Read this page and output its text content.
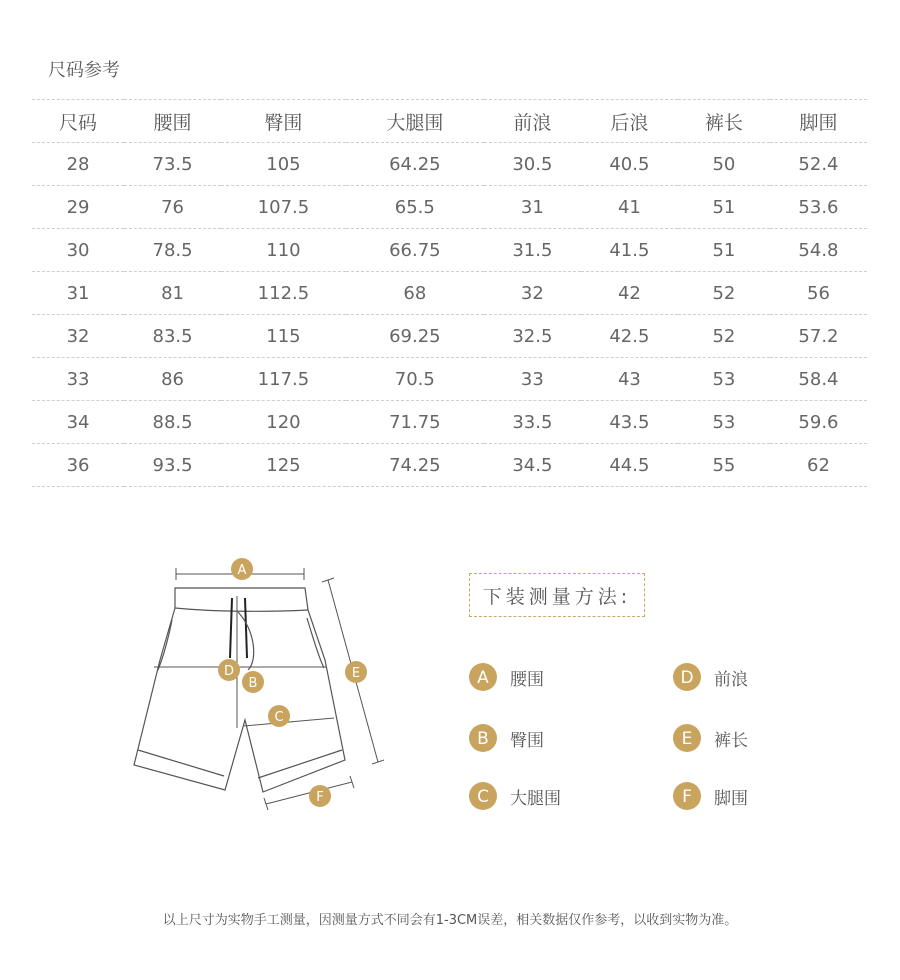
尺码参考
尺码	腰围	臀围	大腿围	前浪	后浪	裤长	脚围
28	73.5	105	64.25	30.5	40.5	50	52.4
29	76	107.5	65.5	31	41	51	53.6
30	78.5	110	66.75	31.5	41.5	51	54.8
31	81	112.5	68	32	42	52	56
32	83.5	115	69.25	32.5	42.5	52	57.2
33	86	117.5	70.5	33	43	53	58.4
34	88.5	120	71.75	33.5	43.5	53	59.6
36	93.5	125	74.25	34.5	44.5	55	62
A
D
B
C
E
F
下装测量方法:
A	腰围
B	臀围
C	大腿围
D	前浪
E	裤长
F	脚围
以上尺寸为实物手工测量，因测量方式不同会有1-3CM误差，相关数据仅作参考，以收到实物为准。
